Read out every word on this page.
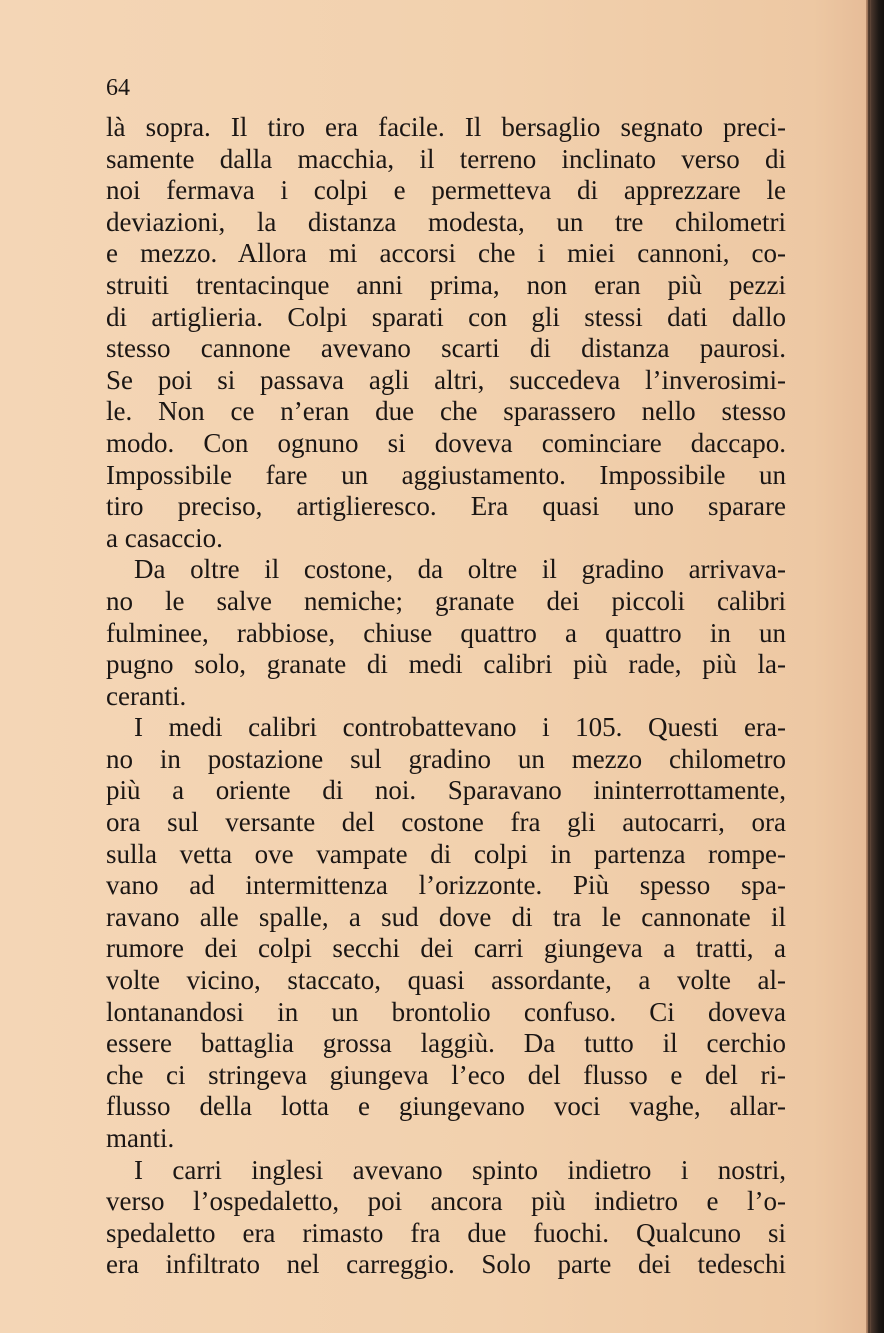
64
là sopra. Il tiro era facile. Il bersaglio segnato preci-
samente dalla macchia, il terreno inclinato verso di
noi fermava i colpi e permetteva di apprezzare le
deviazioni, la distanza modesta, un tre chilometri
e mezzo. Allora mi accorsi che i miei cannoni, co-
struiti trentacinque anni prima, non eran più pezzi
di artiglieria. Colpi sparati con gli stessi dati dallo
stesso cannone avevano scarti di distanza paurosi.
Se poi si passava agli altri, succedeva l’inverosimi-
le. Non ce n’eran due che sparassero nello stesso
modo. Con ognuno si doveva cominciare daccapo.
Impossibile fare un aggiustamento. Impossibile un
tiro preciso, artiglieresco. Era quasi uno sparare
a casaccio.
Da oltre il costone, da oltre il gradino arrivava-
no le salve nemiche; granate dei piccoli calibri
fulminee, rabbiose, chiuse quattro a quattro in un
pugno solo, granate di medi calibri più rade, più la-
ceranti.
I medi calibri controbattevano i 105. Questi era-
no in postazione sul gradino un mezzo chilometro
più a oriente di noi. Sparavano ininterrottamente,
ora sul versante del costone fra gli autocarri, ora
sulla vetta ove vampate di colpi in partenza rompe-
vano ad intermittenza l’orizzonte. Più spesso spa-
ravano alle spalle, a sud dove di tra le cannonate il
rumore dei colpi secchi dei carri giungeva a tratti, a
volte vicino, staccato, quasi assordante, a volte al-
lontanandosi in un brontolio confuso. Ci doveva
essere battaglia grossa laggiù. Da tutto il cerchio
che ci stringeva giungeva l’eco del flusso e del ri-
flusso della lotta e giungevano voci vaghe, allar-
manti.
I carri inglesi avevano spinto indietro i nostri,
verso l’ospedaletto, poi ancora più indietro e l’o-
spedaletto era rimasto fra due fuochi. Qualcuno si
era infiltrato nel carreggio. Solo parte dei tedeschi
